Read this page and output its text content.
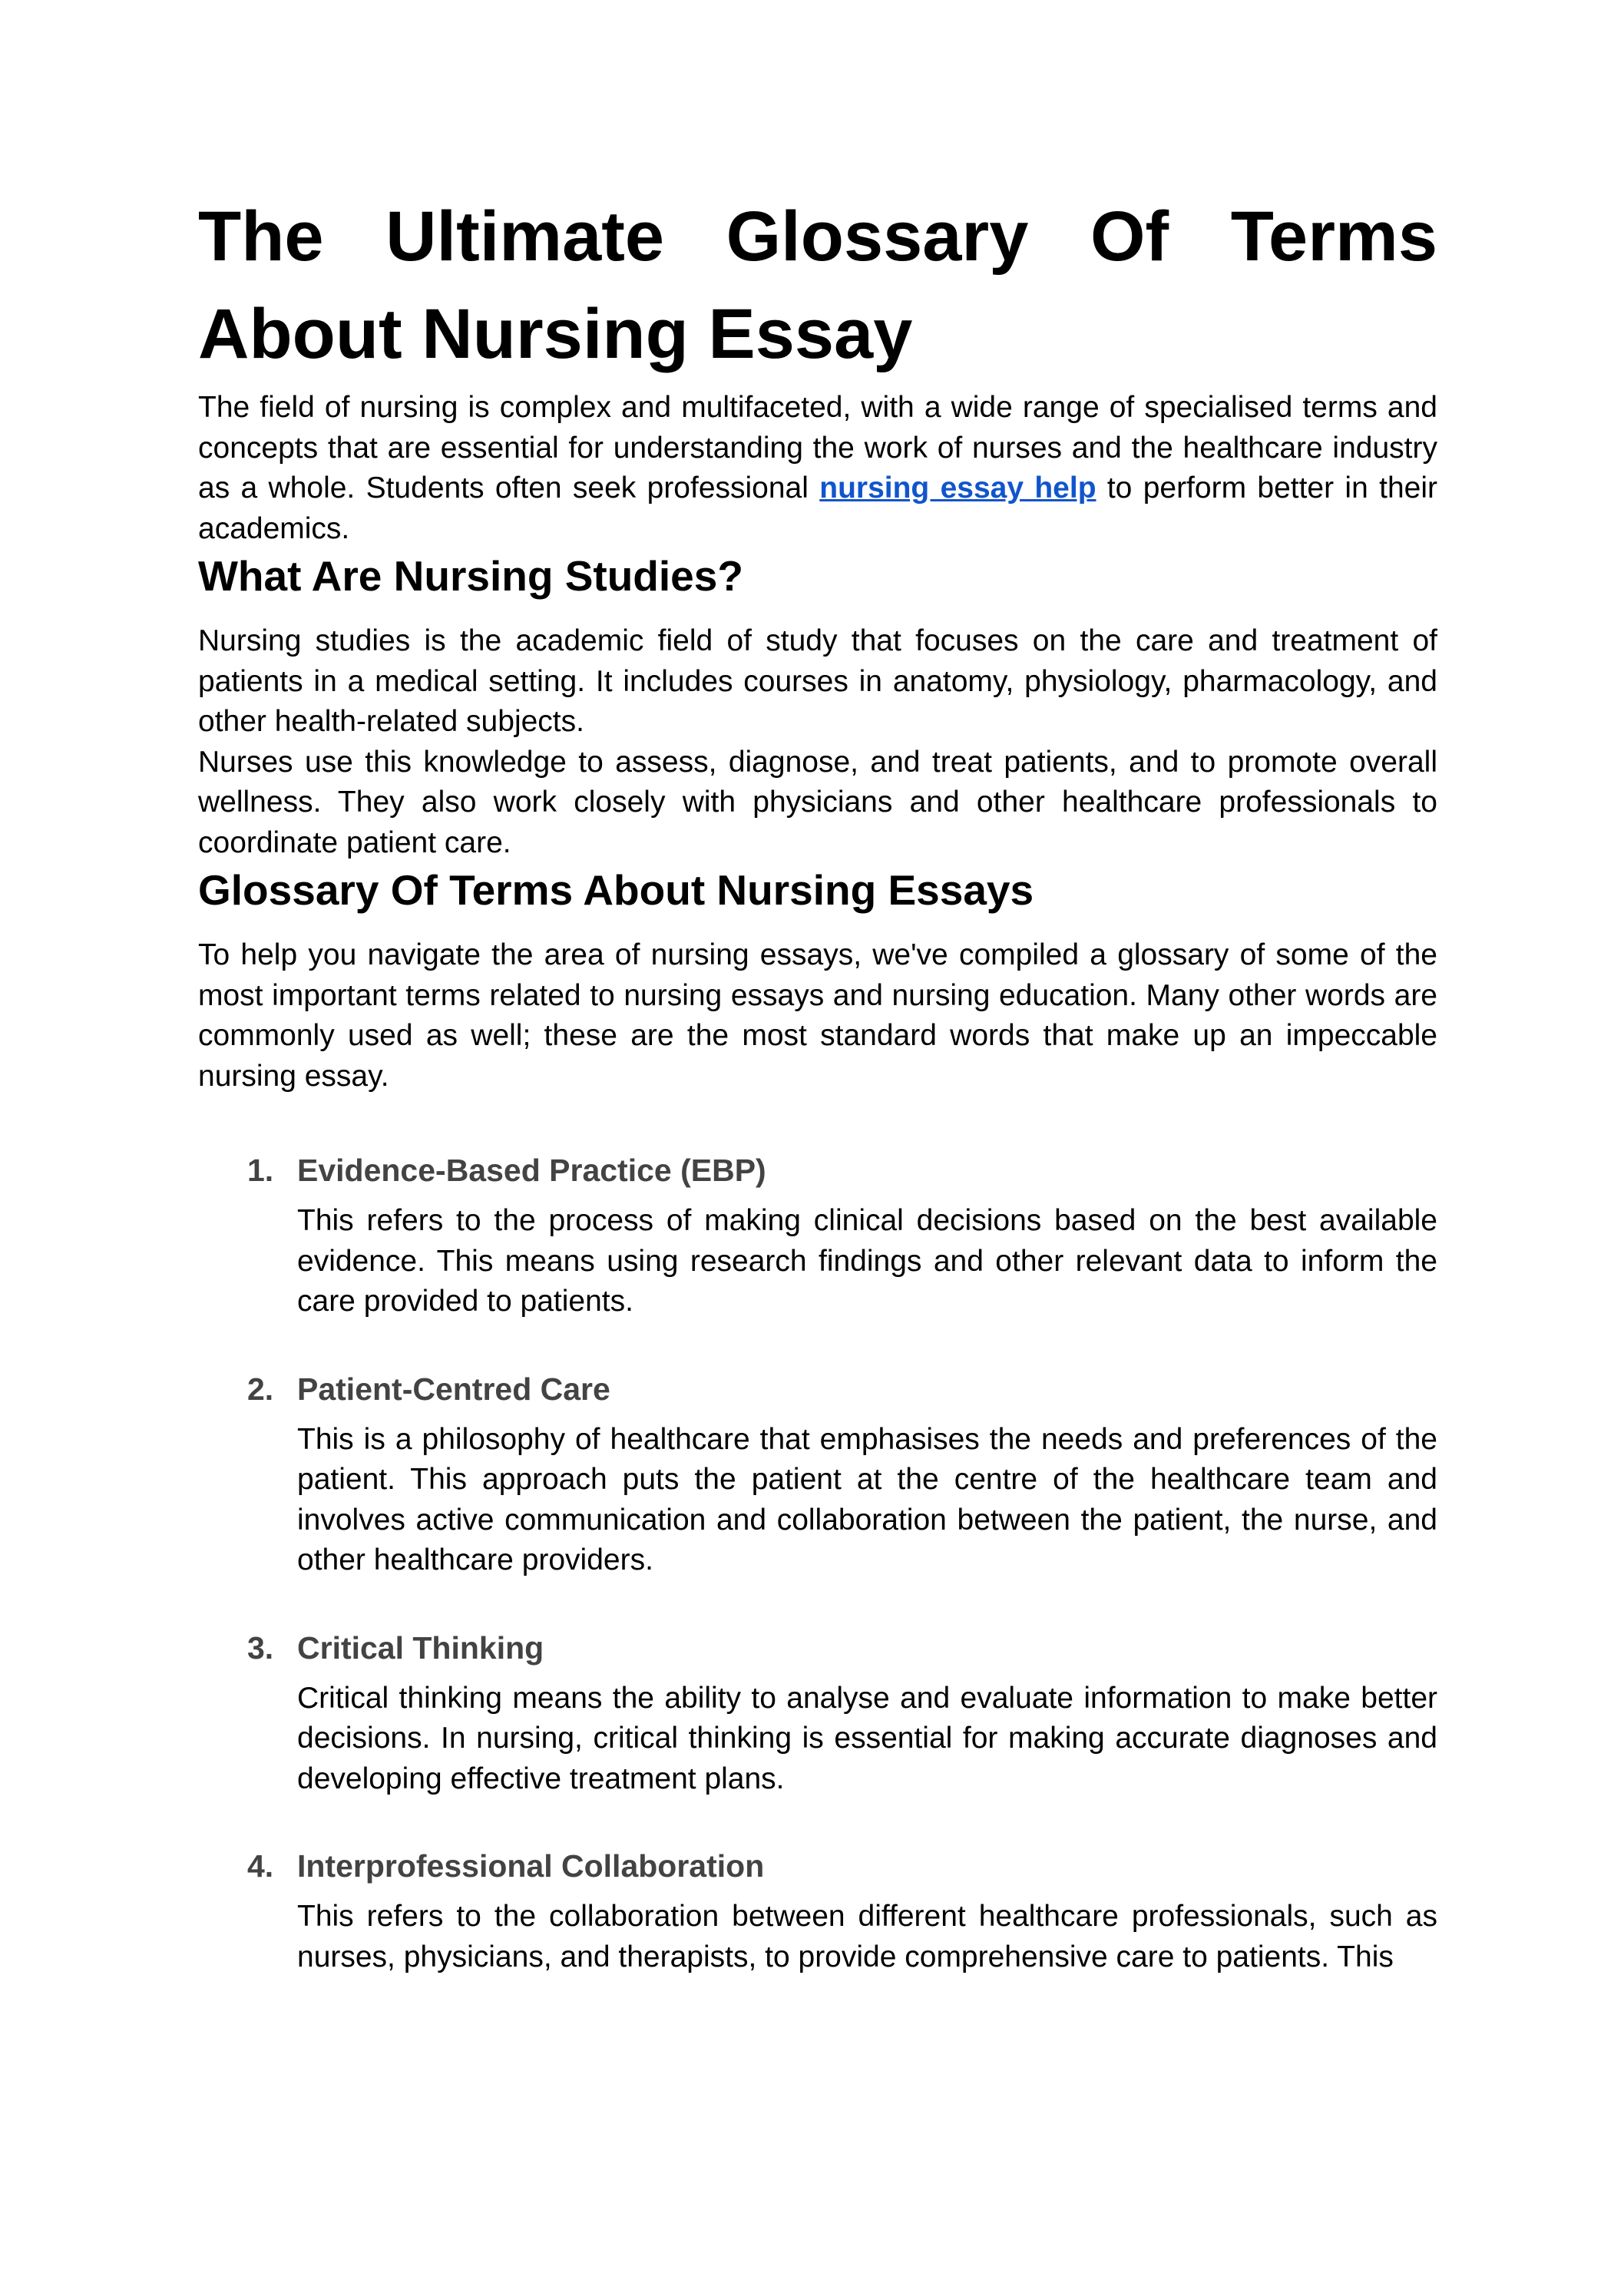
The Ultimate Glossary Of Terms
About Nursing Essay

The field of nursing is complex and multifaceted, with a wide range of specialised terms and concepts that are essential for understanding the work of nurses and the healthcare industry as a whole. Students often seek professional nursing essay help to perform better in their academics.

What Are Nursing Studies?

Nursing studies is the academic field of study that focuses on the care and treatment of patients in a medical setting. It includes courses in anatomy, physiology, pharmacology, and other health-related subjects.

Nurses use this knowledge to assess, diagnose, and treat patients, and to promote overall wellness. They also work closely with physicians and other healthcare professionals to coordinate patient care.

Glossary Of Terms About Nursing Essays

To help you navigate the area of nursing essays, we've compiled a glossary of some of the most important terms related to nursing essays and nursing education. Many other words are commonly used as well; these are the most standard words that make up an impeccable nursing essay.

1. Evidence-Based Practice (EBP)

This refers to the process of making clinical decisions based on the best available evidence. This means using research findings and other relevant data to inform the care provided to patients.

2. Patient-Centred Care

This is a philosophy of healthcare that emphasises the needs and preferences of the patient. This approach puts the patient at the centre of the healthcare team and involves active communication and collaboration between the patient, the nurse, and other healthcare providers.

3. Critical Thinking

Critical thinking means the ability to analyse and evaluate information to make better decisions. In nursing, critical thinking is essential for making accurate diagnoses and developing effective treatment plans.

4. Interprofessional Collaboration

This refers to the collaboration between different healthcare professionals, such as nurses, physicians, and therapists, to provide comprehensive care to patients. This
